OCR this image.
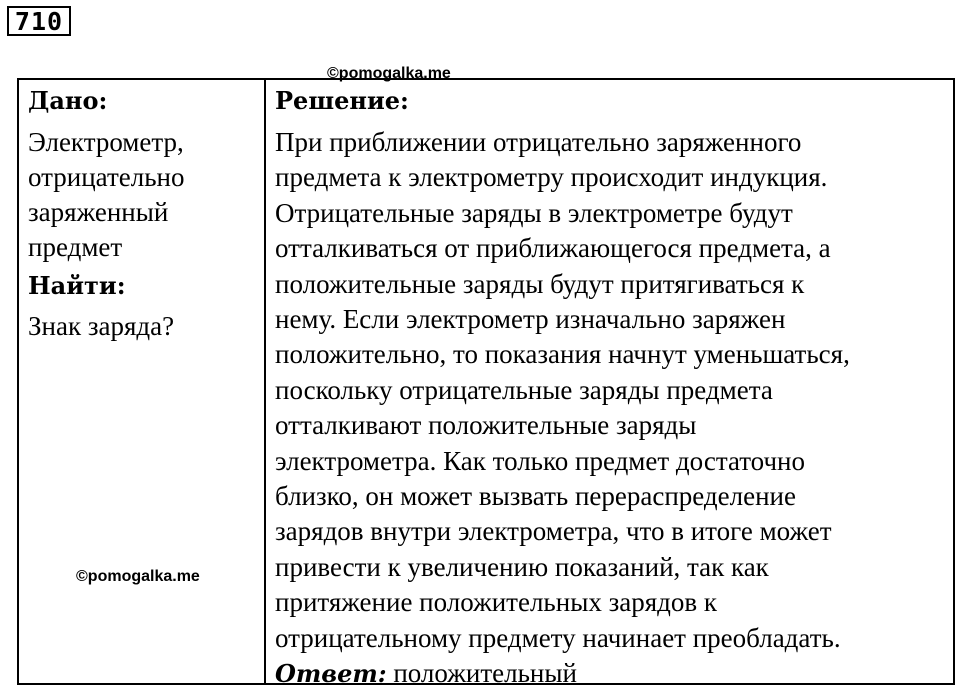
710
©pomogalka.me
Дано:
Электрометр,
отрицательно
заряженный
предмет
Найти:
Знак заряда?
Решение:
При приближении отрицательно заряженного
предмета к электрометру происходит индукция.
Отрицательные заряды в электрометре будут
отталкиваться от приближающегося предмета, а
положительные заряды будут притягиваться к
нему. Если электрометр изначально заряжен
положительно, то показания начнут уменьшаться,
поскольку отрицательные заряды предмета
отталкивают положительные заряды
электрометра. Как только предмет достаточно
близко, он может вызвать перераспределение
зарядов внутри электрометра, что в итоге может
привести к увеличению показаний, так как
притяжение положительных зарядов к
отрицательному предмету начинает преобладать.
Ответ: положительный
©pomogalka.me
